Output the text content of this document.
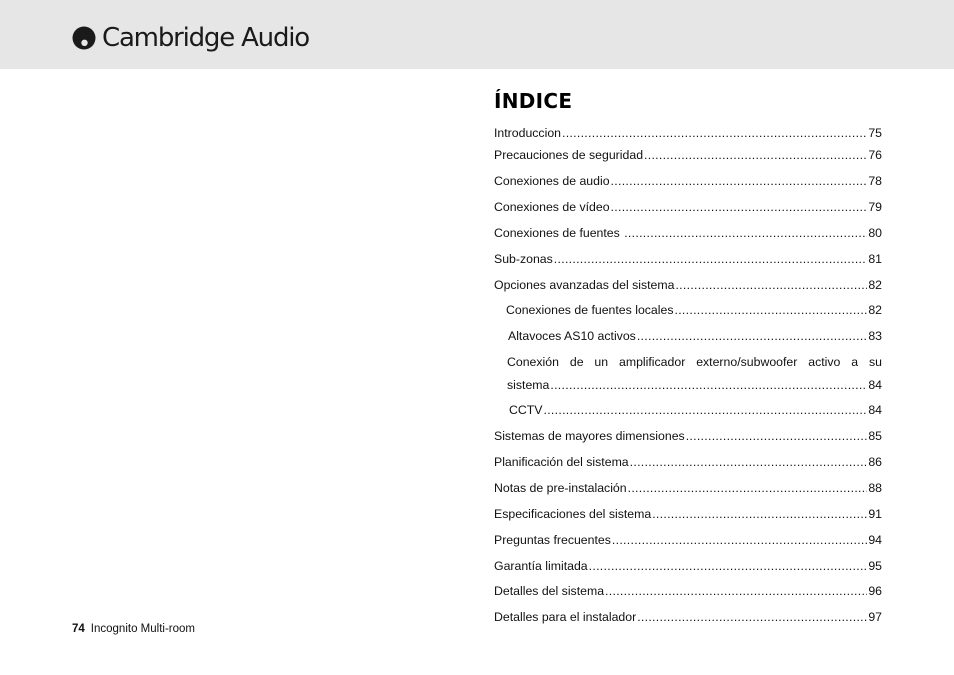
Cambridge Audio
ÍNDICE
Introduccion .....	75
Precauciones de seguridad .....	76
Conexiones de audio .....	78
Conexiones de vídeo .....	79
Conexiones de fuentes .....	80
Sub-zonas .....	81
Opciones avanzadas del sistema .....	82
Conexiones de fuentes locales .....	82
Altavoces AS10 activos .....	83
Conexión de un amplificador externo/subwoofer activo a su
sistema .....	84
CCTV .....	84
Sistemas de mayores dimensiones .....	85
Planificación del sistema .....	86
Notas de pre-instalación .....	88
Especificaciones del sistema .....	91
Preguntas frecuentes .....	94
Garantía limitada .....	95
Detalles del sistema .....	96
Detalles para el instalador .....	97
74 Incognito Multi-room
